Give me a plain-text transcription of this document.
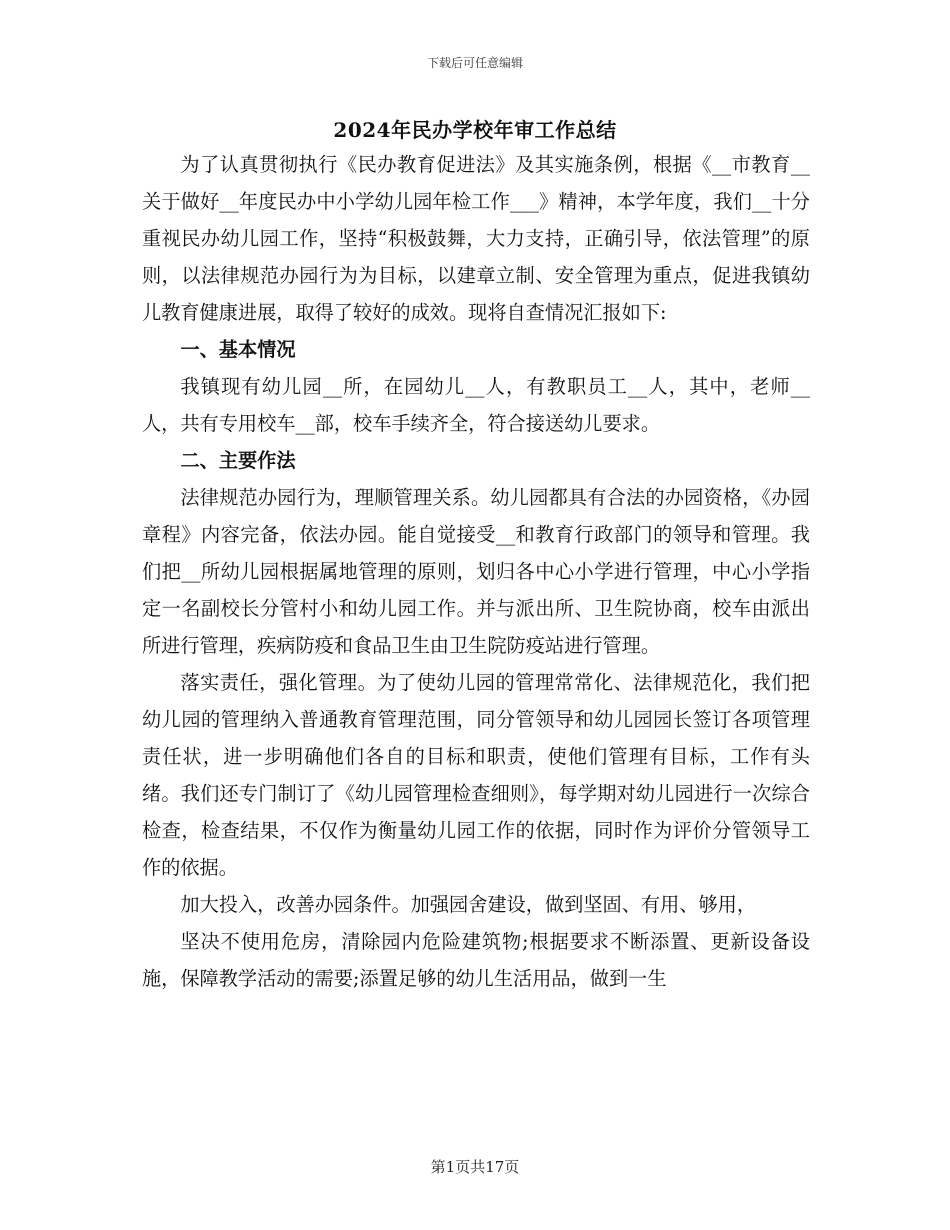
下载后可任意编辑
2024年民办学校年审工作总结

为了认真贯彻执行《民办教育促进法》及其实施条例，根据《__市教育__关于做好__年度民办中小学幼儿园年检工作___》精神，本学年度，我们__十分重视民办幼儿园工作，坚持“积极鼓舞，大力支持，正确引导，依法管理”的原则，以法律规范办园行为为目标，以建章立制、安全管理为重点，促进我镇幼儿教育健康进展，取得了较好的成效。现将自查情况汇报如下:

一、基本情况

我镇现有幼儿园__所，在园幼儿__人，有教职员工__人，其中，老师__人，共有专用校车__部，校车手续齐全，符合接送幼儿要求。

二、主要作法

法律规范办园行为，理顺管理关系。幼儿园都具有合法的办园资格，《办园章程》内容完备，依法办园。能自觉接受__和教育行政部门的领导和管理。我们把__所幼儿园根据属地管理的原则，划归各中心小学进行管理，中心小学指定一名副校长分管村小和幼儿园工作。并与派出所、卫生院协商，校车由派出所进行管理，疾病防疫和食品卫生由卫生院防疫站进行管理。

落实责任，强化管理。为了使幼儿园的管理常常化、法律规范化，我们把幼儿园的管理纳入普通教育管理范围，同分管领导和幼儿园园长签订各项管理责任状，进一步明确他们各自的目标和职责，使他们管理有目标，工作有头绪。我们还专门制订了《幼儿园管理检查细则》，每学期对幼儿园进行一次综合检查，检查结果，不仅作为衡量幼儿园工作的依据，同时作为评价分管领导工作的依据。

加大投入，改善办园条件。加强园舍建设，做到坚固、有用、够用，

坚决不使用危房，清除园内危险建筑物;根据要求不断添置、更新设备设施，保障教学活动的需要;添置足够的幼儿生活用品，做到一生

第1页共17页
